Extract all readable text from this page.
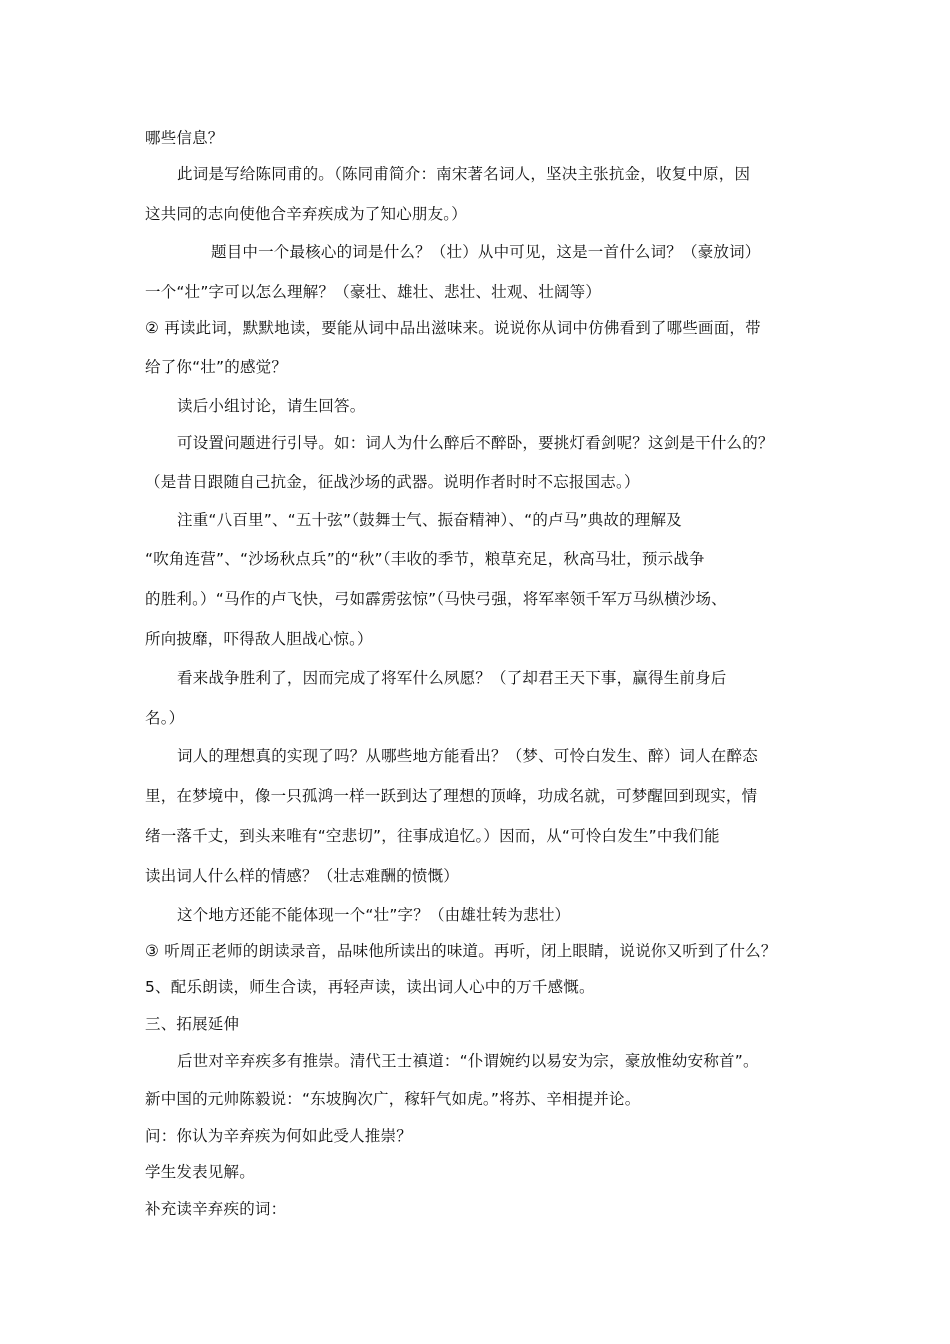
哪些信息？

此词是写给陈同甫的。（陈同甫简介：南宋著名词人，坚决主张抗金，收复中原，因

这共同的志向使他合辛弃疾成为了知心朋友。）

题目中一个最核心的词是什么？（壮）从中可见，这是一首什么词？（豪放词）

一个“壮”字可以怎么理解？（豪壮、雄壮、悲壮、壮观、壮阔等）

② 再读此词，默默地读，要能从词中品出滋味来。说说你从词中仿佛看到了哪些画面，带

给了你“壮”的感觉？

读后小组讨论，请生回答。

可设置问题进行引导。如：词人为什么醉后不醉卧，要挑灯看剑呢？这剑是干什么的？

（是昔日跟随自己抗金，征战沙场的武器。说明作者时时不忘报国志。）

注重“八百里”、“五十弦”（鼓舞士气、振奋精神）、“的卢马”典故的理解及

“吹角连营”、“沙场秋点兵”的“秋”（丰收的季节，粮草充足，秋高马壮，预示战争

的胜利。）“马作的卢飞快，弓如霹雳弦惊”（马快弓强，将军率领千军万马纵横沙场、

所向披靡，吓得敌人胆战心惊。）

看来战争胜利了，因而完成了将军什么夙愿？（了却君王天下事，赢得生前身后

名。）

词人的理想真的实现了吗？从哪些地方能看出？（梦、可怜白发生、醉）词人在醉态

里，在梦境中，像一只孤鸿一样一跃到达了理想的顶峰，功成名就，可梦醒回到现实，情

绪一落千丈，到头来唯有“空悲切”，往事成追忆。）因而，从“可怜白发生”中我们能

读出词人什么样的情感？（壮志难酬的愤慨）

这个地方还能不能体现一个“壮”字？（由雄壮转为悲壮）

③ 听周正老师的朗读录音，品味他所读出的味道。再听，闭上眼睛，说说你又听到了什么？

5、配乐朗读，师生合读，再轻声读，读出词人心中的万千感慨。

三、拓展延伸

后世对辛弃疾多有推崇。清代王士禛道：“仆谓婉约以易安为宗，豪放惟幼安称首”。

新中国的元帅陈毅说：“东坡胸次广，稼轩气如虎。”将苏、辛相提并论。

问：你认为辛弃疾为何如此受人推崇？

学生发表见解。

补充读辛弃疾的词：
